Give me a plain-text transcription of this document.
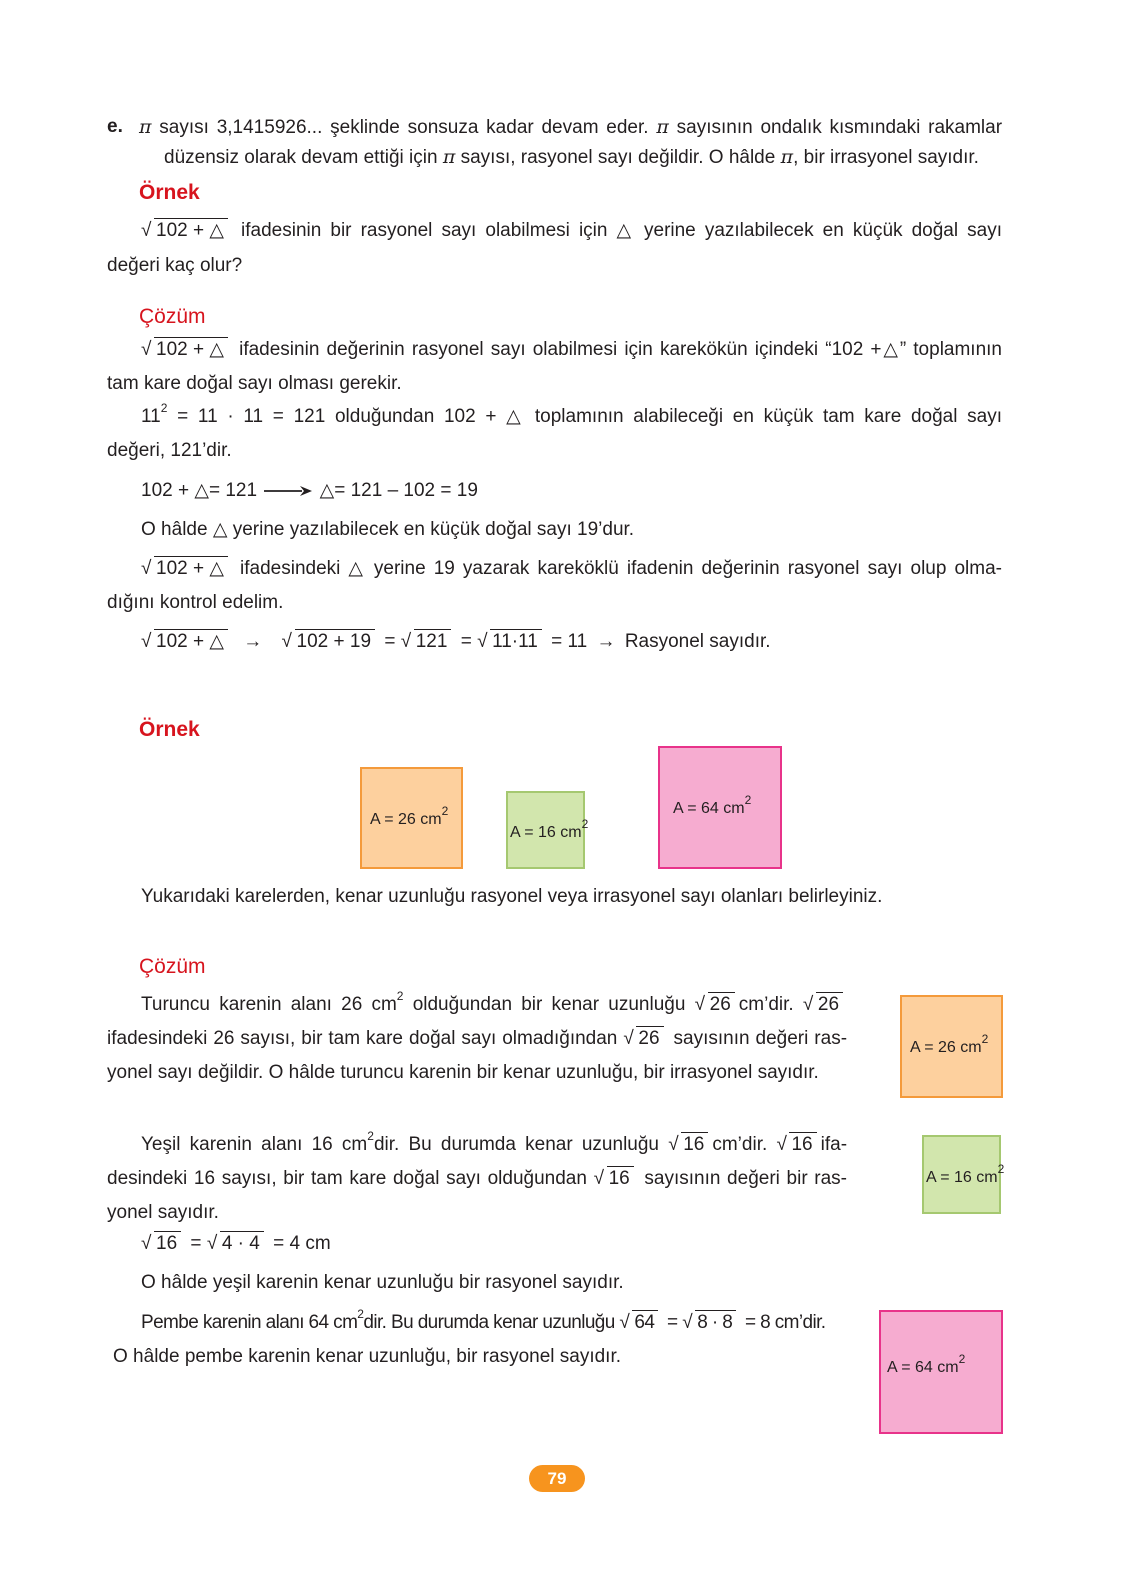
e. π sayısı 3,1415926... şeklinde sonsuza kadar devam eder. π sayısının ondalık kısmındaki rakamlar
düzensiz olarak devam ettiği için π sayısı, rasyonel sayı değildir. O hâlde π, bir irrasyonel sayıdır.
Örnek
√ 102 + △ ifadesinin bir rasyonel sayı olabilmesi için △ yerine yazılabilecek en küçük doğal sayı
değeri kaç olur?
Çözüm
√ 102 + △ ifadesinin değerinin rasyonel sayı olabilmesi için karekökün içindeki “102 +△” toplamının
tam kare doğal sayı olması gerekir.
$11^2 = 11 \cdot 11 = 121$ olduğundan 102 + △ toplamının alabileceği en küçük tam kare doğal sayı
değeri, 121’dir.
102 + △= 121	△= 121 – 102 = 19
O hâlde △ yerine yazılabilecek en küçük doğal sayı 19’dur.
√ 102 + △ ifadesindeki △ yerine 19 yazarak kareköklü ifadenin değerinin rasyonel sayı olup olma-
dığını kontrol edelim.
√ 102 + △ → √ 102 + 19 = √ 121 = √ 11·11 = 11 → Rasyonel sayıdır.
Örnek
A = 26 $cm^2$
A = 16 $cm^2$
A = 64 $cm^2$
Yukarıdaki karelerden, kenar uzunluğu rasyonel veya irrasyonel sayı olanları belirleyiniz.
Çözüm
Turuncu karenin alanı 26 $cm^2$ olduğundan bir kenar uzunluğu √ 26 cm’dir. √ 26
ifadesindeki 26 sayısı, bir tam kare doğal sayı olmadığından √ 26 sayısının değeri ras-
yonel sayı değildir. O hâlde turuncu karenin bir kenar uzunluğu, bir irrasyonel sayıdır.
A = 26 $cm^2$
Yeşil karenin alanı 16 $cm^2dir$. Bu durumda kenar uzunluğu √ 16 cm’dir. √ 16 ifa-
desindeki 16 sayısı, bir tam kare doğal sayı olduğundan √ 16 sayısının değeri bir ras-
yonel sayıdır.
√ 16 = √ 4 · 4 = 4 cm
O hâlde yeşil karenin kenar uzunluğu bir rasyonel sayıdır.
A = 16 $cm^2$
Pembe karenin alanı 64 $cm^2dir$. Bu durumda kenar uzunluğu √ 64 = √ 8 · 8 = 8 cm’dir.
O hâlde pembe karenin kenar uzunluğu, bir rasyonel sayıdır.
A = 64 $cm^2$
79
